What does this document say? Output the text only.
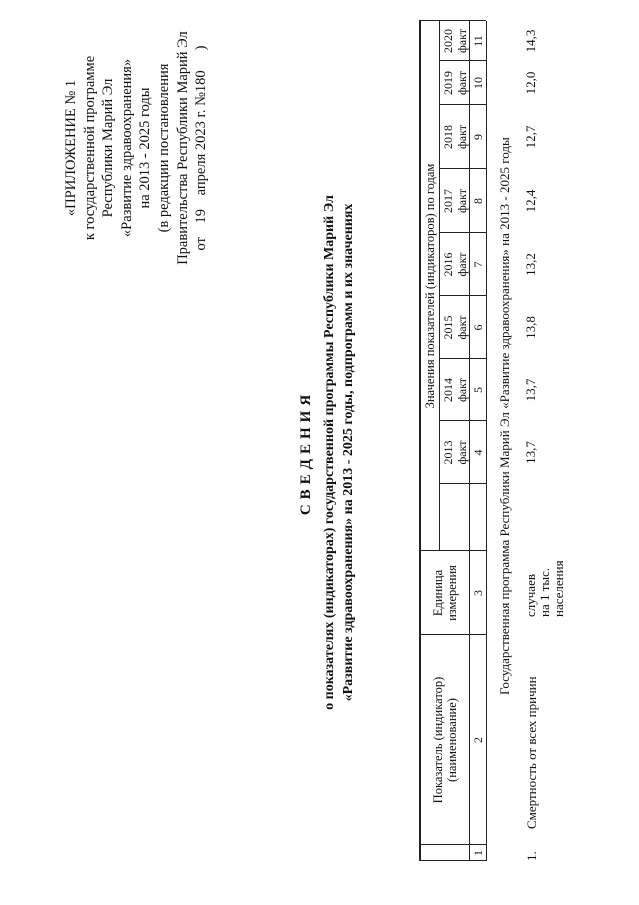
«ПРИЛОЖЕНИЕ № 1 к государственной программе Республики Марий Эл «Развитие здравоохранения» на 2013 - 2025 годы (в редакции постановления Правительства Республики Марий Эл от 19 апреля 2023 г. №180)
СВЕДЕНИЯ о показателях (индикаторах) государственной программы Республики Марий Эл «Развитие здравоохранения» на 2013 - 2025 годы, подпрограмм и их значениях
Показатель (индикатор) (наименование)
Единица измерения
Значения показателей (индикаторов) по годам
2013 факт
2014 факт
2015 факт
2016 факт
2017 факт
2018 факт
2019 факт
2020 факт
1
2
3
4
5
6
7
8
9
10
11
Государственная программа Республики Марий Эл «Развитие здравоохранения» на 2013 - 2025 годы
1.
Смертность от всех причин
случаев на 1 тыс. населения
13,7
13,7
13,8
13,2
12,4
12,7
12,0
14,3
